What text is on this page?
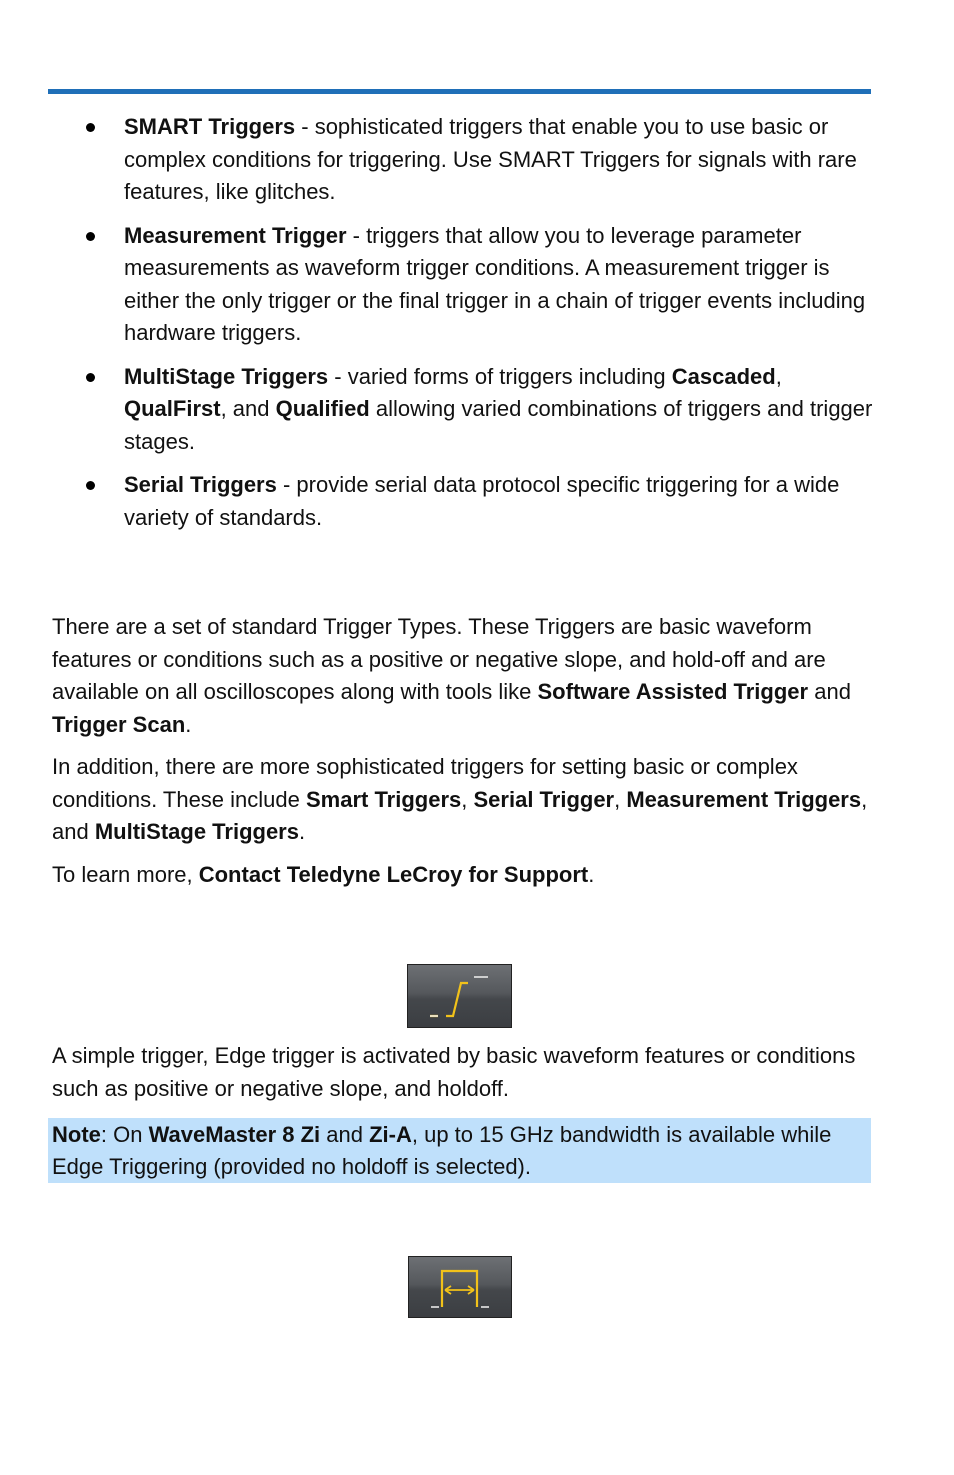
SMART Triggers - sophisticated triggers that enable you to use basic or complex conditions for triggering. Use SMART Triggers for signals with rare features, like glitches.
Measurement Trigger - triggers that allow you to leverage parameter measurements as waveform trigger conditions. A measurement trigger is either the only trigger or the final trigger in a chain of trigger events including hardware triggers.
MultiStage Triggers - varied forms of triggers including Cascaded, QualFirst, and Qualified allowing varied combinations of triggers and trigger stages.
Serial Triggers - provide serial data protocol specific triggering for a wide variety of standards.

There are a set of standard Trigger Types. These Triggers are basic waveform features or conditions such as a positive or negative slope, and hold-off and are available on all oscilloscopes along with tools like Software Assisted Trigger and Trigger Scan.

In addition, there are more sophisticated triggers for setting basic or complex conditions. These include Smart Triggers, Serial Trigger, Measurement Triggers, and MultiStage Triggers.

To learn more, Contact Teledyne LeCroy for Support.

A simple trigger, Edge trigger is activated by basic waveform features or conditions such as positive or negative slope, and holdoff.

Note: On WaveMaster 8 Zi and Zi-A, up to 15 GHz bandwidth is available while Edge Triggering (provided no holdoff is selected).
